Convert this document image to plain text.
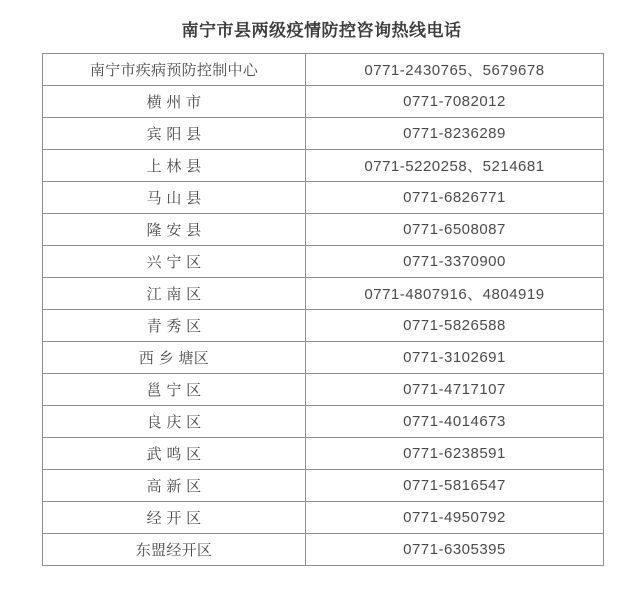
南宁市县两级疫情防控咨询热线电话
南宁市疾病预防控制中心	0771-2430765、5679678
横 州 市	0771-7082012
宾 阳 县	0771-8236289
上 林 县	0771-5220258、5214681
马 山 县	0771-6826771
隆 安 县	0771-6508087
兴 宁 区	0771-3370900
江 南 区	0771-4807916、4804919
青 秀 区	0771-5826588
西 乡 塘区	0771-3102691
邕 宁 区	0771-4717107
良 庆 区	0771-4014673
武 鸣 区	0771-6238591
高 新 区	0771-5816547
经 开 区	0771-4950792
东盟经开区	0771-6305395
